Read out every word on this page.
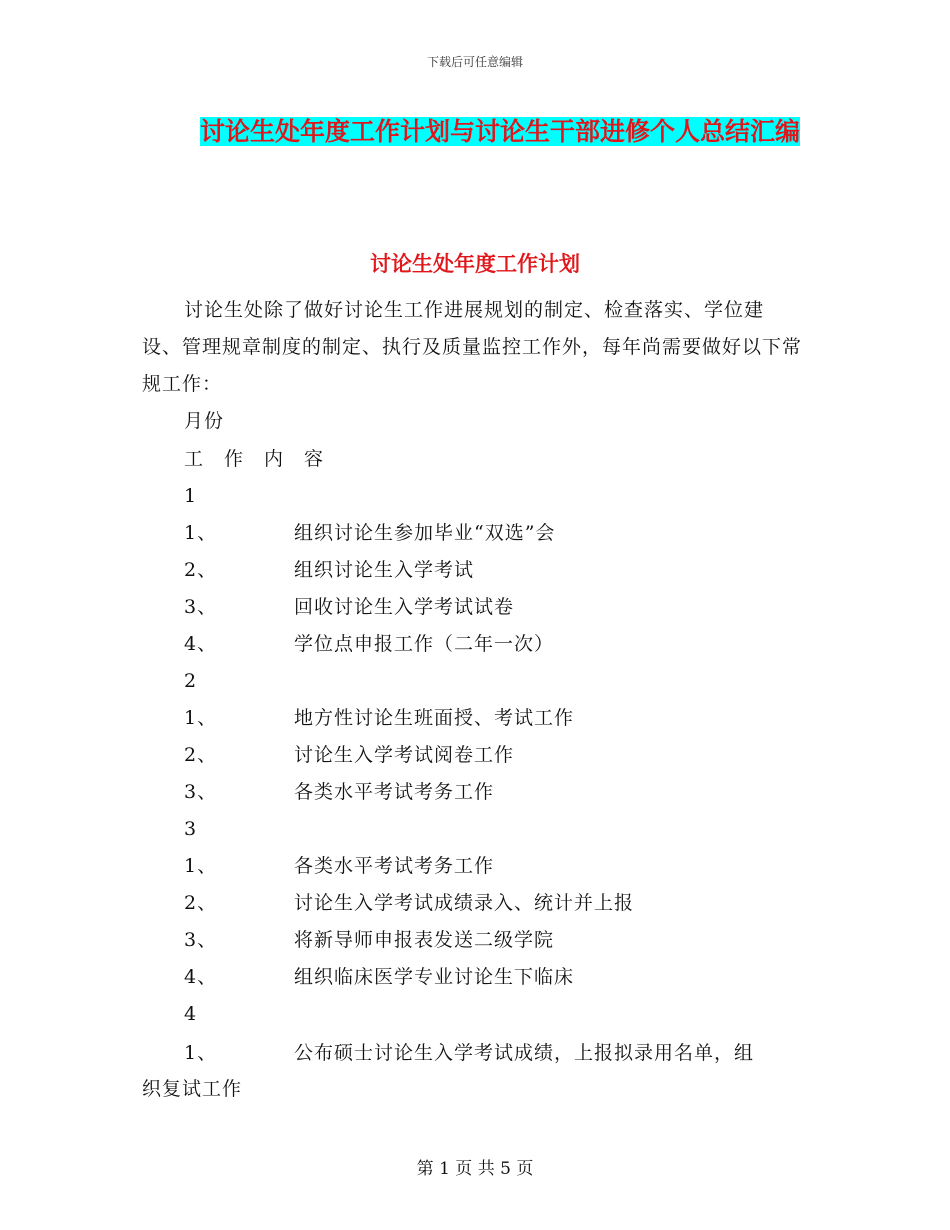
下载后可任意编辑
讨论生处年度工作计划与讨论生干部进修个人总结汇编
讨论生处年度工作计划

讨论生处除了做好讨论生工作进展规划的制定、检查落实、学位建设、管理规章制度的制定、执行及质量监控工作外，每年尚需要做好以下常规工作：

月份
工　作　内　容
1
1、	组织讨论生参加毕业“双选”会
2、	组织讨论生入学考试
3、	回收讨论生入学考试试卷
4、	学位点申报工作（二年一次）
2
1、	地方性讨论生班面授、考试工作
2、	讨论生入学考试阅卷工作
3、	各类水平考试考务工作
3
1、	各类水平考试考务工作
2、	讨论生入学考试成绩录入、统计并上报
3、	将新导师申报表发送二级学院
4、	组织临床医学专业讨论生下临床
4
1、	公布硕士讨论生入学考试成绩，上报拟录用名单，组
织复试工作
第 1 页 共 5 页
